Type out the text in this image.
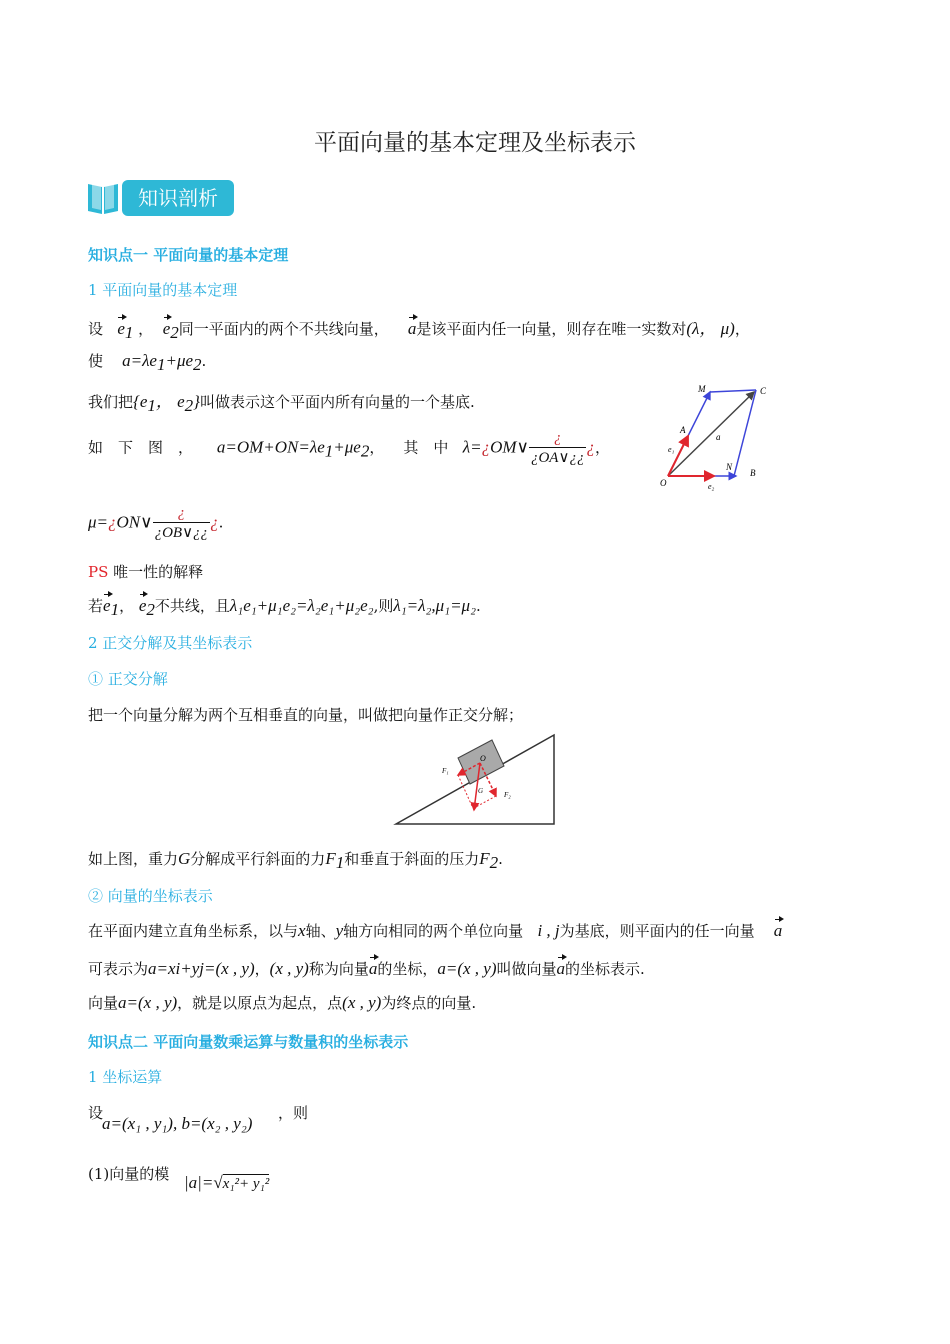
平面向量的基本定理及坐标表示
知识剖析
知识点一 平面向量的基本定理
1 平面向量的基本定理
设 $e_1$ ， $e_2$同一平面内的两个不共线向量， a是该平面内任一向量，则存在唯一实数对(λ， μ)，
使 $a=\lambda e_1+\mu e_2$.
我们把{$e_1$， $e_2$}叫做表示这个平面内所有向量的一个基底.
如　下　图　， $a=OM+ON=\lambda e_1+\mu e_2$， 其　中 λ=¿OM∨ $\frac{¿}{¿OA\vee¿¿}$ ¿，
μ=¿ON∨ $\frac{¿}{¿OB\vee¿¿}$ ¿.
M	C
A
a
e₁
O
N
B
e₂
PS 唯一性的解释
若$e_1$， $e_2$不共线，且λ₁e₁+μ₁e₂=λ₂e₁+μ₂e₂,则λ₁=λ₂,μ₁=μ₂.
2 正交分解及其坐标表示
① 正交分解
把一个向量分解为两个互相垂直的向量，叫做把向量作正交分解；
O
F₁
G	F₂
如上图，重力G分解成平行斜面的力$F_1$和垂直于斜面的压力$F_2$.
② 向量的坐标表示
在平面内建立直角坐标系，以与x轴、y轴方向相同的两个单位向量 i , j为基底，则平面内的任一向量 a
可表示为a=xi+yj=(x , y)，(x , y)称为向量a的坐标，a=(x , y)叫做向量a的坐标表示.
向量a=(x , y)，就是以原点为起点，点(x , y)为终点的向量.
知识点二 平面向量数乘运算与数量积的坐标表示
1 坐标运算
设
a=(x₁ , y₁), b=(x₂ , y₂)
，则
(1)向量的模 |a|=√x₁²+ y₁²
